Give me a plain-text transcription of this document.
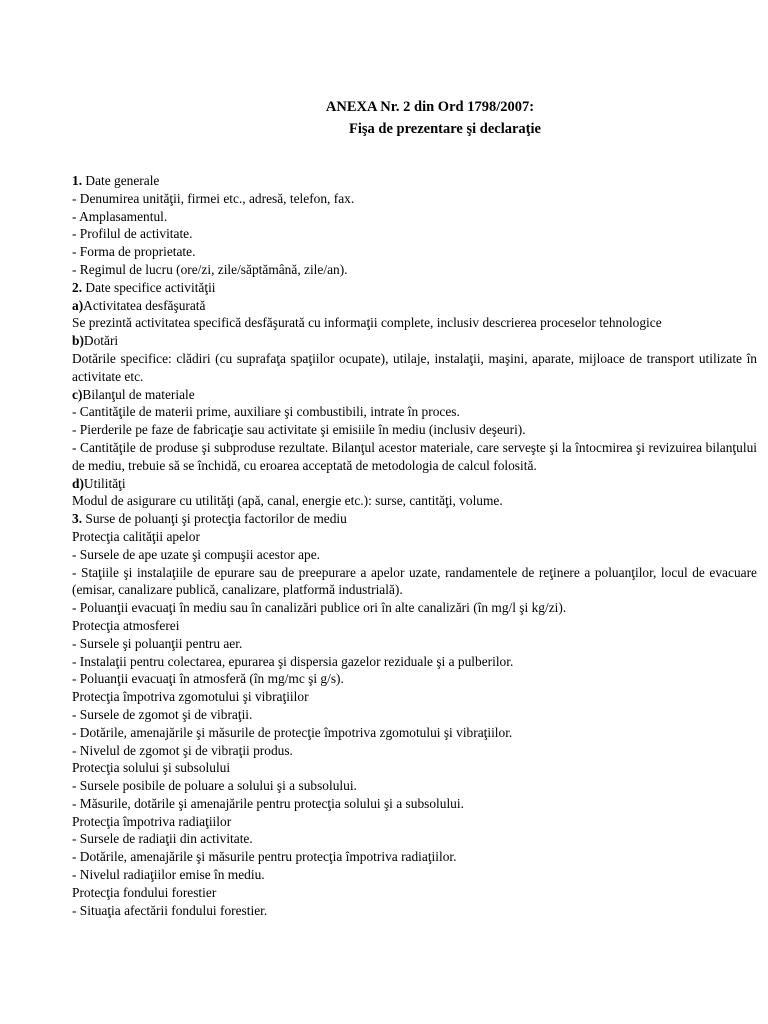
ANEXA Nr. 2 din Ord 1798/2007:
Fişa de prezentare şi declaraţie
1. Date generale
- Denumirea unităţii, firmei etc., adresă, telefon, fax.
- Amplasamentul.
- Profilul de activitate.
- Forma de proprietate.
- Regimul de lucru (ore/zi, zile/săptămână, zile/an).
2. Date specifice activităţii
a)Activitatea desfăşurată
Se prezintă activitatea specifică desfăşurată cu informaţii complete, inclusiv descrierea proceselor tehnologice
b)Dotări
Dotările specifice: clădiri (cu suprafaţa spaţiilor ocupate), utilaje, instalaţii, maşini, aparate, mijloace de transport utilizate în activitate etc.
c)Bilanţul de materiale
- Cantităţile de materii prime, auxiliare şi combustibili, intrate în proces.
- Pierderile pe faze de fabricaţie sau activitate şi emisiile în mediu (inclusiv deşeuri).
- Cantităţile de produse şi subproduse rezultate. Bilanţul acestor materiale, care serveşte şi la întocmirea şi revizuirea bilanţului de mediu, trebuie să se închidă, cu eroarea acceptată de metodologia de calcul folosită.
d)Utilităţi
Modul de asigurare cu utilităţi (apă, canal, energie etc.): surse, cantităţi, volume.
3. Surse de poluanţi şi protecţia factorilor de mediu
Protecţia calităţii apelor
- Sursele de ape uzate şi compuşii acestor ape.
- Staţiile şi instalaţiile de epurare sau de preepurare a apelor uzate, randamentele de reţinere a poluanţilor, locul de evacuare (emisar, canalizare publică, canalizare, platformă industrială).
- Poluanţii evacuaţi în mediu sau în canalizări publice ori în alte canalizări (în mg/l şi kg/zi).
Protecţia atmosferei
- Sursele şi poluanţii pentru aer.
- Instalaţii pentru colectarea, epurarea şi dispersia gazelor reziduale şi a pulberilor.
- Poluanţii evacuaţi în atmosferă (în mg/mc şi g/s).
Protecţia împotriva zgomotului şi vibraţiilor
- Sursele de zgomot şi de vibraţii.
- Dotările, amenajările şi măsurile de protecţie împotriva zgomotului şi vibraţiilor.
- Nivelul de zgomot şi de vibraţii produs.
Protecţia solului şi subsolului
- Sursele posibile de poluare a solului şi a subsolului.
- Măsurile, dotările şi amenajările pentru protecţia solului şi a subsolului.
Protecţia împotriva radiaţiilor
- Sursele de radiaţii din activitate.
- Dotările, amenajările şi măsurile pentru protecţia împotriva radiaţiilor.
- Nivelul radiaţiilor emise în mediu.
Protecţia fondului forestier
- Situaţia afectării fondului forestier.
